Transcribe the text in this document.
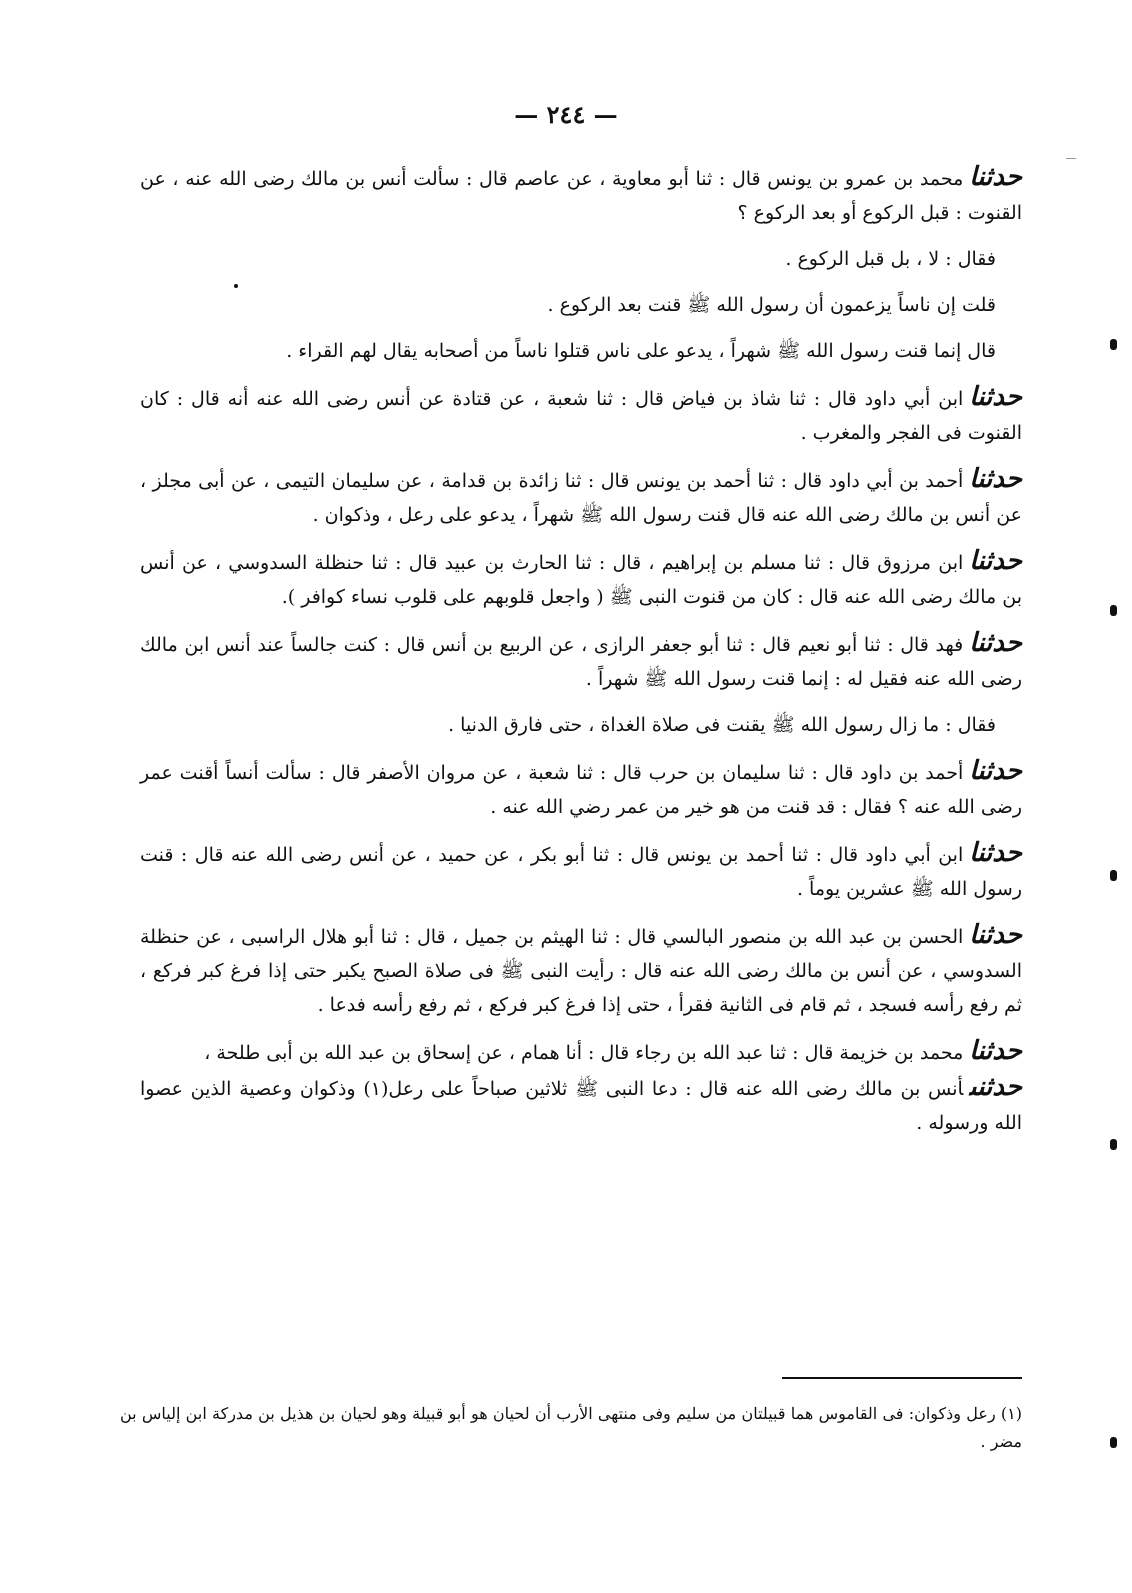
— ٢٤٤ —

حدثنامحمد بن عمرو بن يونس قال : ثنا أبو معاوية ، عن عاصم قال : سألت أنس بن مالك رضى الله عنه ، عن القنوت : قبل الركوع أو بعد الركوع ؟

فقال : لا ، بل قبل الركوع .

قلت إن ناساً يزعمون أن رسول الله ﷺ قنت بعد الركوع .

قال إنما قنت رسول الله ﷺ شهراً ، يدعو على ناس قتلوا ناساً من أصحابه يقال لهم القراء .

حدثناابن أبي داود قال : ثنا شاذ بن فياض قال : ثنا شعبة ، عن قتادة عن أنس رضى الله عنه أنه قال : كان القنوت فى الفجر والمغرب .

حدثناأحمد بن أبي داود قال : ثنا أحمد بن يونس قال : ثنا زائدة بن قدامة ، عن سليمان التيمى ، عن أبى مجلز ، عن أنس بن مالك رضى الله عنه قال قنت رسول الله ﷺ شهراً ، يدعو على رعل ، وذكوان .

حدثناابن مرزوق قال : ثنا مسلم بن إبراهيم ، قال : ثنا الحارث بن عبيد قال : ثنا حنظلة السدوسي ، عن أنس بن مالك رضى الله عنه قال : كان من قنوت النبى ﷺ ( واجعل قلوبهم على قلوب نساء كوافر ).

حدثنافهد قال : ثنا أبو نعيم قال : ثنا أبو جعفر الرازى ، عن الربيع بن أنس قال : كنت جالساً عند أنس ابن مالك رضى الله عنه فقيل له : إنما قنت رسول الله ﷺ شهراً .

فقال : ما زال رسول الله ﷺ يقنت فى صلاة الغداة ، حتى فارق الدنيا .

حدثناأحمد بن داود قال : ثنا سليمان بن حرب قال : ثنا شعبة ، عن مروان الأصفر قال : سألت أنساً أقنت عمر رضى الله عنه ؟ فقال : قد قنت من هو خير من عمر رضي الله عنه .

حدثناابن أبي داود قال : ثنا أحمد بن يونس قال : ثنا أبو بكر ، عن حميد ، عن أنس رضى الله عنه قال : قنت رسول الله ﷺ عشرين يوماً .

حدثناالحسن بن عبد الله بن منصور البالسي قال : ثنا الهيثم بن جميل ، قال : ثنا أبو هلال الراسبى ، عن حنظلة السدوسي ، عن أنس بن مالك رضى الله عنه قال : رأيت النبى ﷺ فى صلاة الصبح يكبر حتى إذا فرغ كبر فركع ، ثم رفع رأسه فسجد ، ثم قام فى الثانية فقرأ ، حتى إذا فرغ كبر فركع ، ثم رفع رأسه فدعا .

حدثنامحمد بن خزيمة قال : ثنا عبد الله بن رجاء قال : أنا همام ، عن إسحاق بن عبد الله بن أبى طلحة ،

حدثنىأنس بن مالك رضى الله عنه قال : دعا النبى ﷺ ثلاثين صباحاً على رعل(١) وذكوان وعصية الذين عصوا الله ورسوله .

(١) رعل وذكوان: فى القاموس هما قبيلتان من سليم وفى منتهى الأرب أن لحيان هو أبو قبيلة وهو لحيان بن هذيل بن مدركة ابن إلياس بن مضر .
